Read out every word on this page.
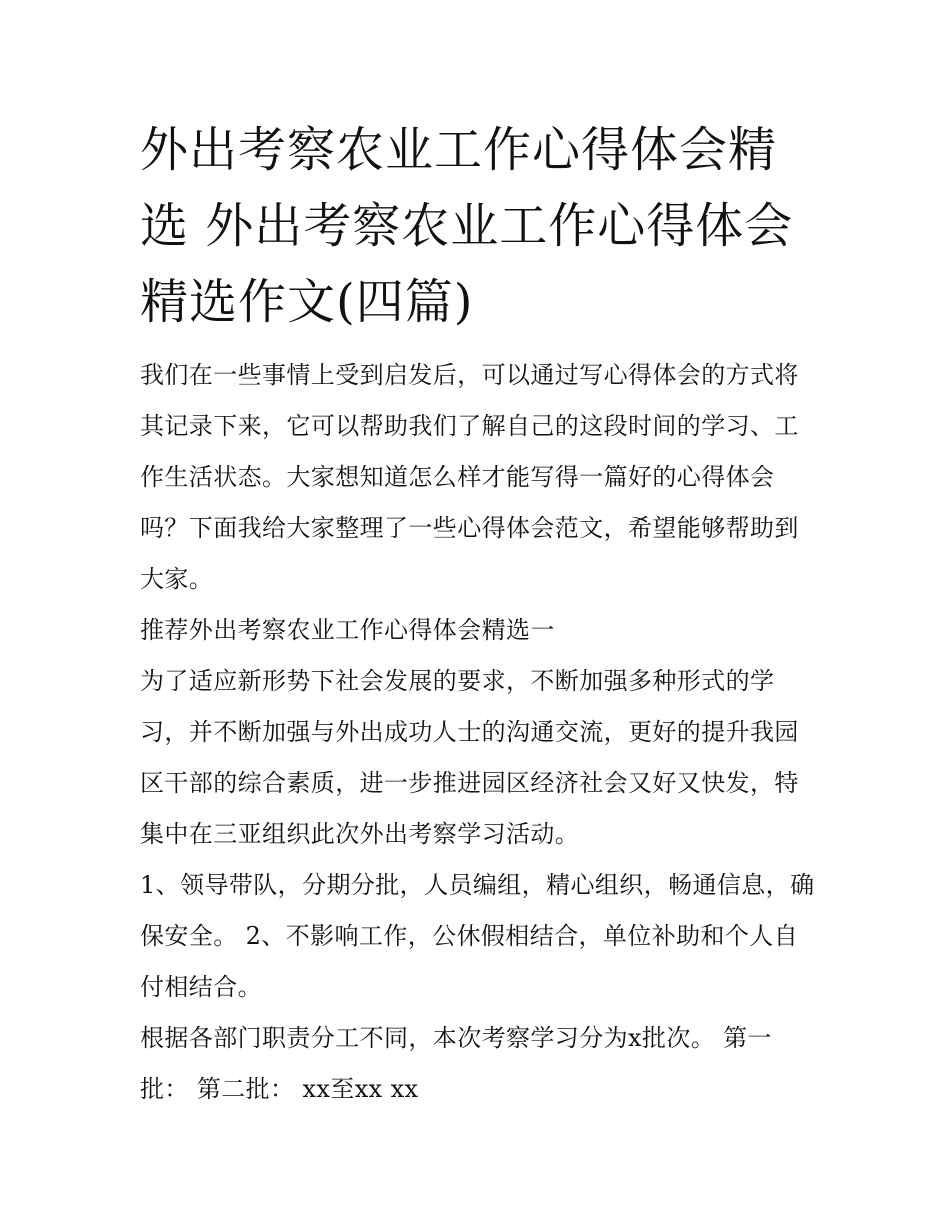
外出考察农业工作心得体会精选 外出考察农业工作心得体会精选作文(四篇)

我们在一些事情上受到启发后，可以通过写心得体会的方式将其记录下来，它可以帮助我们了解自己的这段时间的学习、工作生活状态。大家想知道怎么样才能写得一篇好的心得体会吗？下面我给大家整理了一些心得体会范文，希望能够帮助到大家。

推荐外出考察农业工作心得体会精选一

为了适应新形势下社会发展的要求，不断加强多种形式的学习，并不断加强与外出成功人士的沟通交流，更好的提升我园区干部的综合素质，进一步推进园区经济社会又好又快发，特集中在三亚组织此次外出考察学习活动。

1、领导带队，分期分批，人员编组，精心组织，畅通信息，确保安全。 2、不影响工作，公休假相结合，单位补助和个人自付相结合。

根据各部门职责分工不同，本次考察学习分为x批次。 第一批： 第二批： xx至xx xx
